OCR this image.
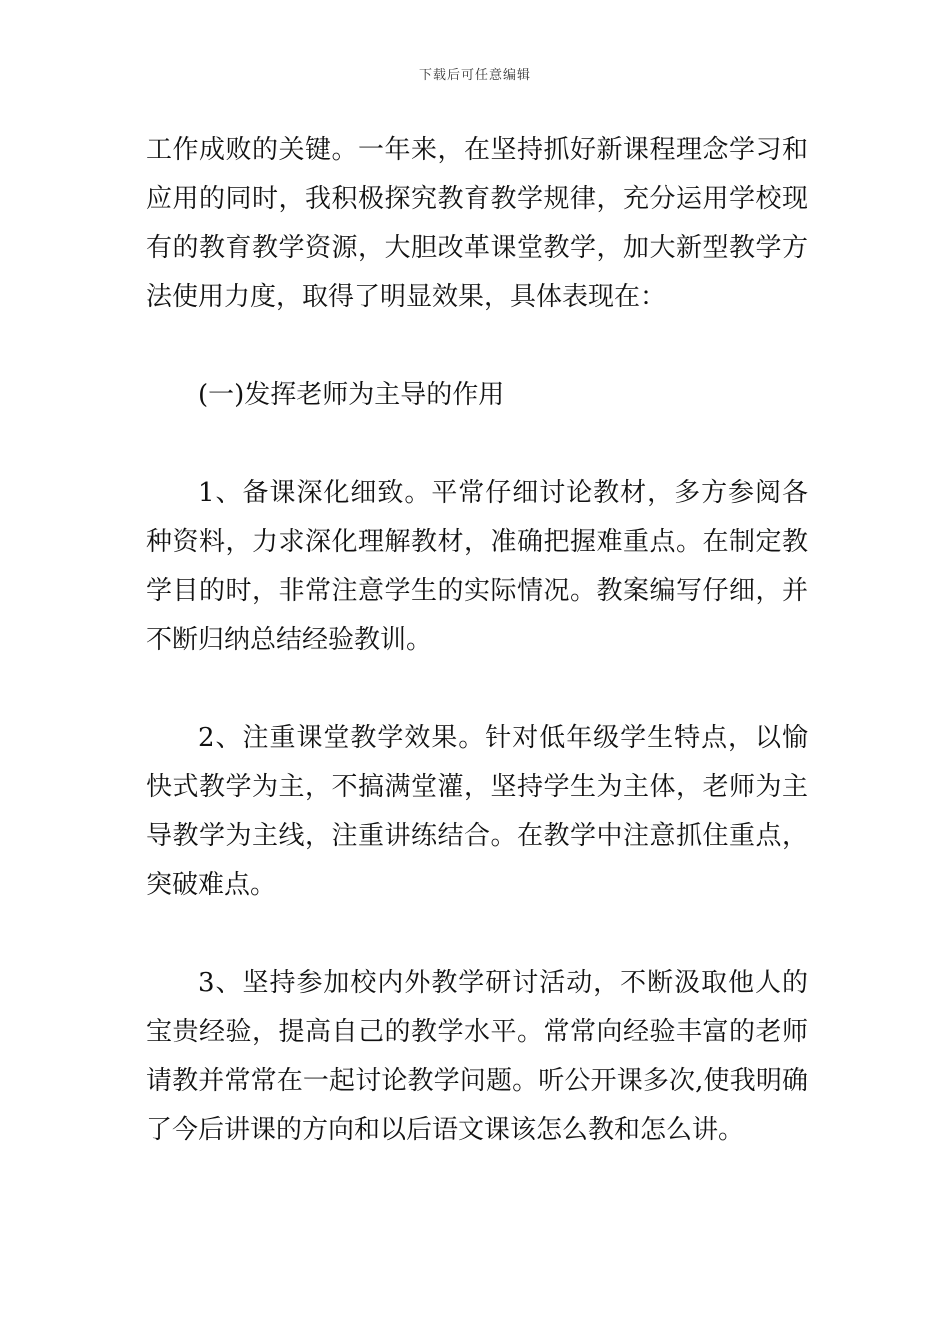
下载后可任意编辑

工作成败的关键。一年来，在坚持抓好新课程理念学习和应用的同时，我积极探究教育教学规律，充分运用学校现有的教育教学资源，大胆改革课堂教学，加大新型教学方法使用力度，取得了明显效果，具体表现在：

(一)发挥老师为主导的作用

1、备课深化细致。平常仔细讨论教材，多方参阅各种资料，力求深化理解教材，准确把握难重点。在制定教学目的时，非常注意学生的实际情况。教案编写仔细，并不断归纳总结经验教训。

2、注重课堂教学效果。针对低年级学生特点，以愉快式教学为主，不搞满堂灌，坚持学生为主体，老师为主导教学为主线，注重讲练结合。在教学中注意抓住重点，突破难点。

3、坚持参加校内外教学研讨活动，不断汲取他人的宝贵经验，提高自己的教学水平。常常向经验丰富的老师请教并常常在一起讨论教学问题。听公开课多次,使我明确了今后讲课的方向和以后语文课该怎么教和怎么讲。
